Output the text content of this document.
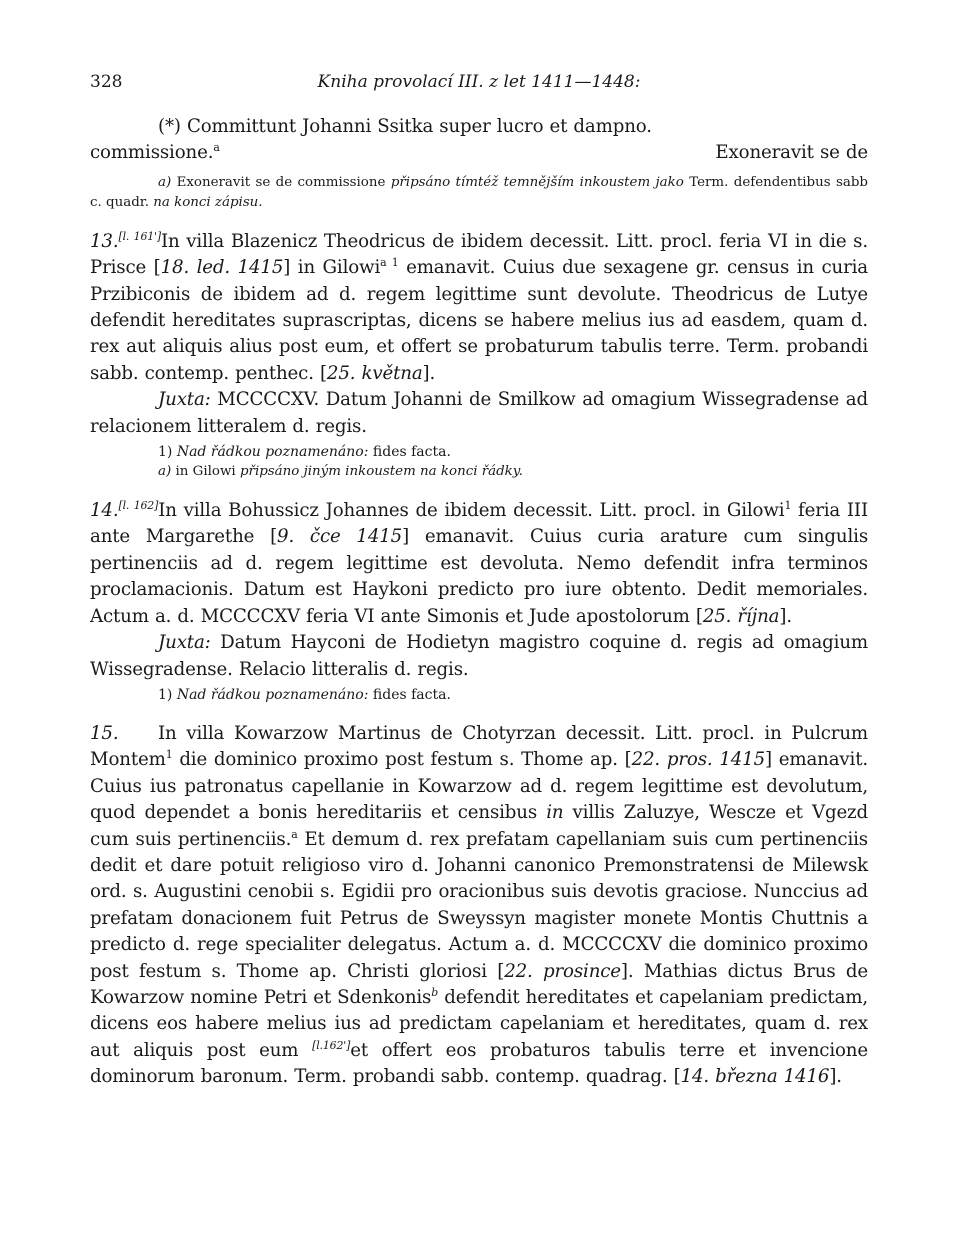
328	Kniha provolací III. z let 1411—1448:

(*) Committunt Johanni Ssitka super lucro et dampno.
Exoneravit se de

commissione.$^a$

a) Exoneravit se de commissione připsáno tímtéž temnějším inkoustem jako Term. defendentibus sabb c. quadr. na konci zápisu.

13.[l. 161']In villa Blazenicz Theodricus de ibidem decessit. Litt. procl. feria VI in die s. Prisce [18. led. 1415] in Gilowi$^{a 1}$ emanavit. Cuius due sexagene gr. census in curia Przibiconis de ibidem ad d. regem legittime sunt devolute. Theodricus de Lutye defendit hereditates suprascriptas, dicens se habere melius ius ad easdem, quam d. rex aut aliquis alius post eum, et offert se probaturum tabulis terre. Term. probandi sabb. contemp. penthec. [25. května].

Juxta: MCCCCXV. Datum Johanni de Smilkow ad omagium Wissegradense ad relacionem litteralem d. regis.

1) Nad řádkou poznamenáno: fides facta.

a) in Gilowi připsáno jiným inkoustem na konci řádky.

14.[l. 162]In villa Bohussicz Johannes de ibidem decessit. Litt. procl. in Gilowi$^1$ feria III ante Margarethe [9. čce 1415] emanavit. Cuius curia arature cum singulis pertinenciis ad d. regem legittime est devoluta. Nemo defendit infra terminos proclamacionis. Datum est Haykoni predicto pro iure obtento. Dedit memoriales. Actum a. d. MCCCCXV feria VI ante Simonis et Jude apostolorum [25. října].

Juxta: Datum Hayconi de Hodietyn magistro coquine d. regis ad omagium Wissegradense. Relacio litteralis d. regis.

1) Nad řádkou poznamenáno: fides facta.

15. In villa Kowarzow Martinus de Chotyrzan decessit. Litt. procl. in Pulcrum Montem$^1$ die dominico proximo post festum s. Thome ap. [22. pros. 1415] emanavit. Cuius ius patronatus capellanie in Kowarzow ad d. regem legittime est devolutum, quod dependet a bonis hereditariis et censibus in villis Zaluzye, Wescze et Vgezd cum suis pertinenciis.$^a$ Et demum d. rex prefatam capellaniam suis cum pertinenciis dedit et dare potuit religioso viro d. Johanni canonico Premonstratensi de Milewsk ord. s. Augustini cenobii s. Egidii pro oracionibus suis devotis graciose. Nunccius ad prefatam donacionem fuit Petrus de Sweyssyn magister monete Montis Chuttnis a predicto d. rege specialiter delegatus. Actum a. d. MCCCCXV die dominico proximo post festum s. Thome ap. Christi gloriosi [22. prosince]. Mathias dictus Brus de Kowarzow nomine Petri et Sdenkonis$^b$ defendit hereditates et capelaniam predictam, dicens eos habere melius ius ad predictam capelaniam et hereditates, quam d. rex aut aliquis post eum [l.162']et offert eos probaturos tabulis terre et invencione dominorum baronum. Term. probandi sabb. contemp. quadrag. [14. března 1416].
